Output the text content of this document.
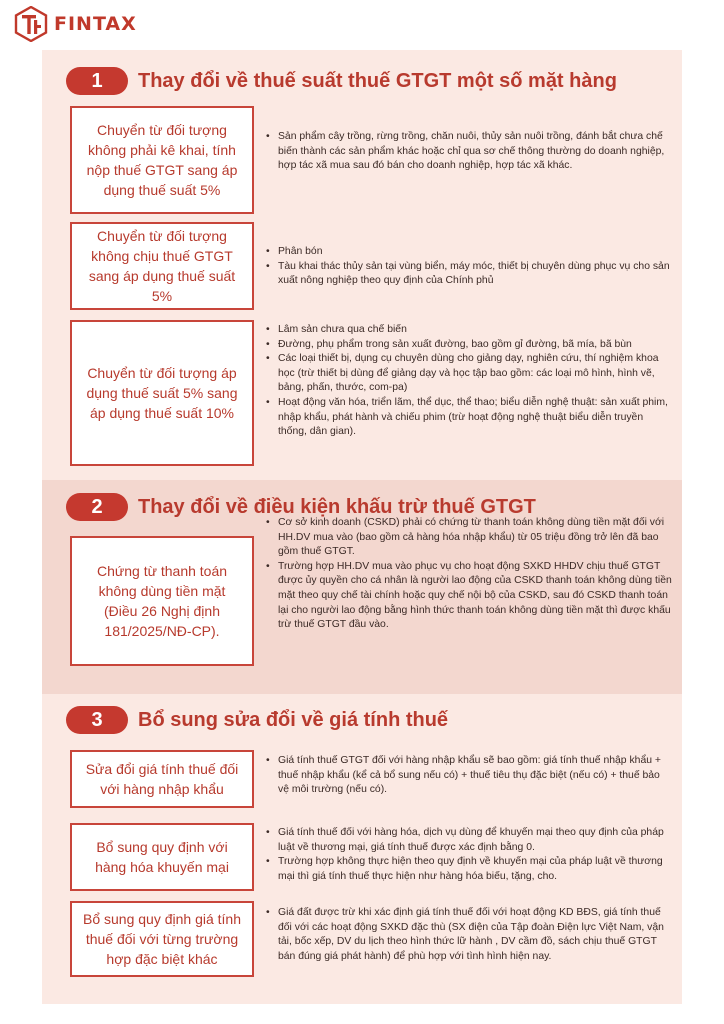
FINTAX
1	Thay đổi về thuế suất thuế GTGT một số mặt hàng
Chuyển từ đối tượng không phải kê khai, tính nộp thuế GTGT sang áp dụng thuế suất 5%
• Sản phẩm cây trồng, rừng trồng, chăn nuôi, thủy sản nuôi trồng, đánh bắt chưa chế biến thành các sản phẩm khác hoặc chỉ qua sơ chế thông thường do doanh nghiệp, hợp tác xã mua sau đó bán cho doanh nghiệp, hợp tác xã khác.
Chuyển từ đối tượng không chịu thuế GTGT sang áp dụng thuế suất 5%
• Phân bón
• Tàu khai thác thủy sản tại vùng biển, máy móc, thiết bị chuyên dùng phục vụ cho sản xuất nông nghiệp theo quy định của Chính phủ
Chuyển từ đối tượng áp dụng thuế suất 5% sang áp dụng thuế suất 10%
• Lâm sản chưa qua chế biến
• Đường, phụ phẩm trong sản xuất đường, bao gồm gỉ đường, bã mía, bã bùn
• Các loại thiết bị, dụng cụ chuyên dùng cho giảng dạy, nghiên cứu, thí nghiệm khoa học (trừ thiết bị dùng để giảng dạy và học tập bao gồm: các loại mô hình, hình vẽ, bảng, phấn, thước, com-pa)
• Hoạt động văn hóa, triển lãm, thể dục, thể thao; biểu diễn nghệ thuật: sản xuất phim, nhập khẩu, phát hành và chiếu phim (trừ hoạt động nghệ thuật biểu diễn truyền thống, dân gian).
2	Thay đổi về điều kiện khấu trừ thuế GTGT
Chứng từ thanh toán không dùng tiền mặt (Điều 26 Nghị định 181/2025/NĐ-CP).
• Cơ sở kinh doanh (CSKD) phải có chứng từ thanh toán không dùng tiền mặt đối với HH.DV mua vào (bao gồm cả hàng hóa nhập khẩu) từ 05 triệu đồng trở lên đã bao gồm thuế GTGT.
• Trường hợp HH.DV mua vào phục vụ cho hoạt động SXKD HHDV chịu thuế GTGT được ủy quyền cho cá nhân là người lao động của CSKD thanh toán không dùng tiền mặt theo quy chế tài chính hoặc quy chế nội bộ của CSKD, sau đó CSKD thanh toán lại cho người lao động bằng hình thức thanh toán không dùng tiền mặt thì được khấu trừ thuế GTGT đầu vào.
3	Bổ sung sửa đổi về giá tính thuế
Sửa đổi giá tính thuế đối với hàng nhập khẩu
• Giá tính thuế GTGT đối với hàng nhập khẩu sẽ bao gồm: giá tính thuế nhập khẩu + thuế nhập khẩu (kể cả bổ sung nếu có) + thuế tiêu thụ đặc biệt (nếu có) + thuế bảo vệ môi trường (nếu có).
Bổ sung quy định với hàng hóa khuyến mại
• Giá tính thuế đối với hàng hóa, dịch vụ dùng để khuyến mại theo quy định của pháp luật về thương mại, giá tính thuế được xác định bằng 0.
• Trường hợp không thực hiện theo quy định về khuyến mại của pháp luật về thương mại thì giá tính thuế thực hiện như hàng hóa biếu, tặng, cho.
Bổ sung quy định giá tính thuế đối với từng trường hợp đặc biệt khác
• Giá đất được trừ khi xác định giá tính thuế đối với hoạt động KD BĐS, giá tính thuế đối với các hoạt động SXKD đặc thù (SX điện của Tập đoàn Điện lực Việt Nam, vận tải, bốc xếp, DV du lịch theo hình thức lữ hành , DV cầm đồ, sách chịu thuế GTGT bán đúng giá phát hành) để phù hợp với tình hình hiện nay.
